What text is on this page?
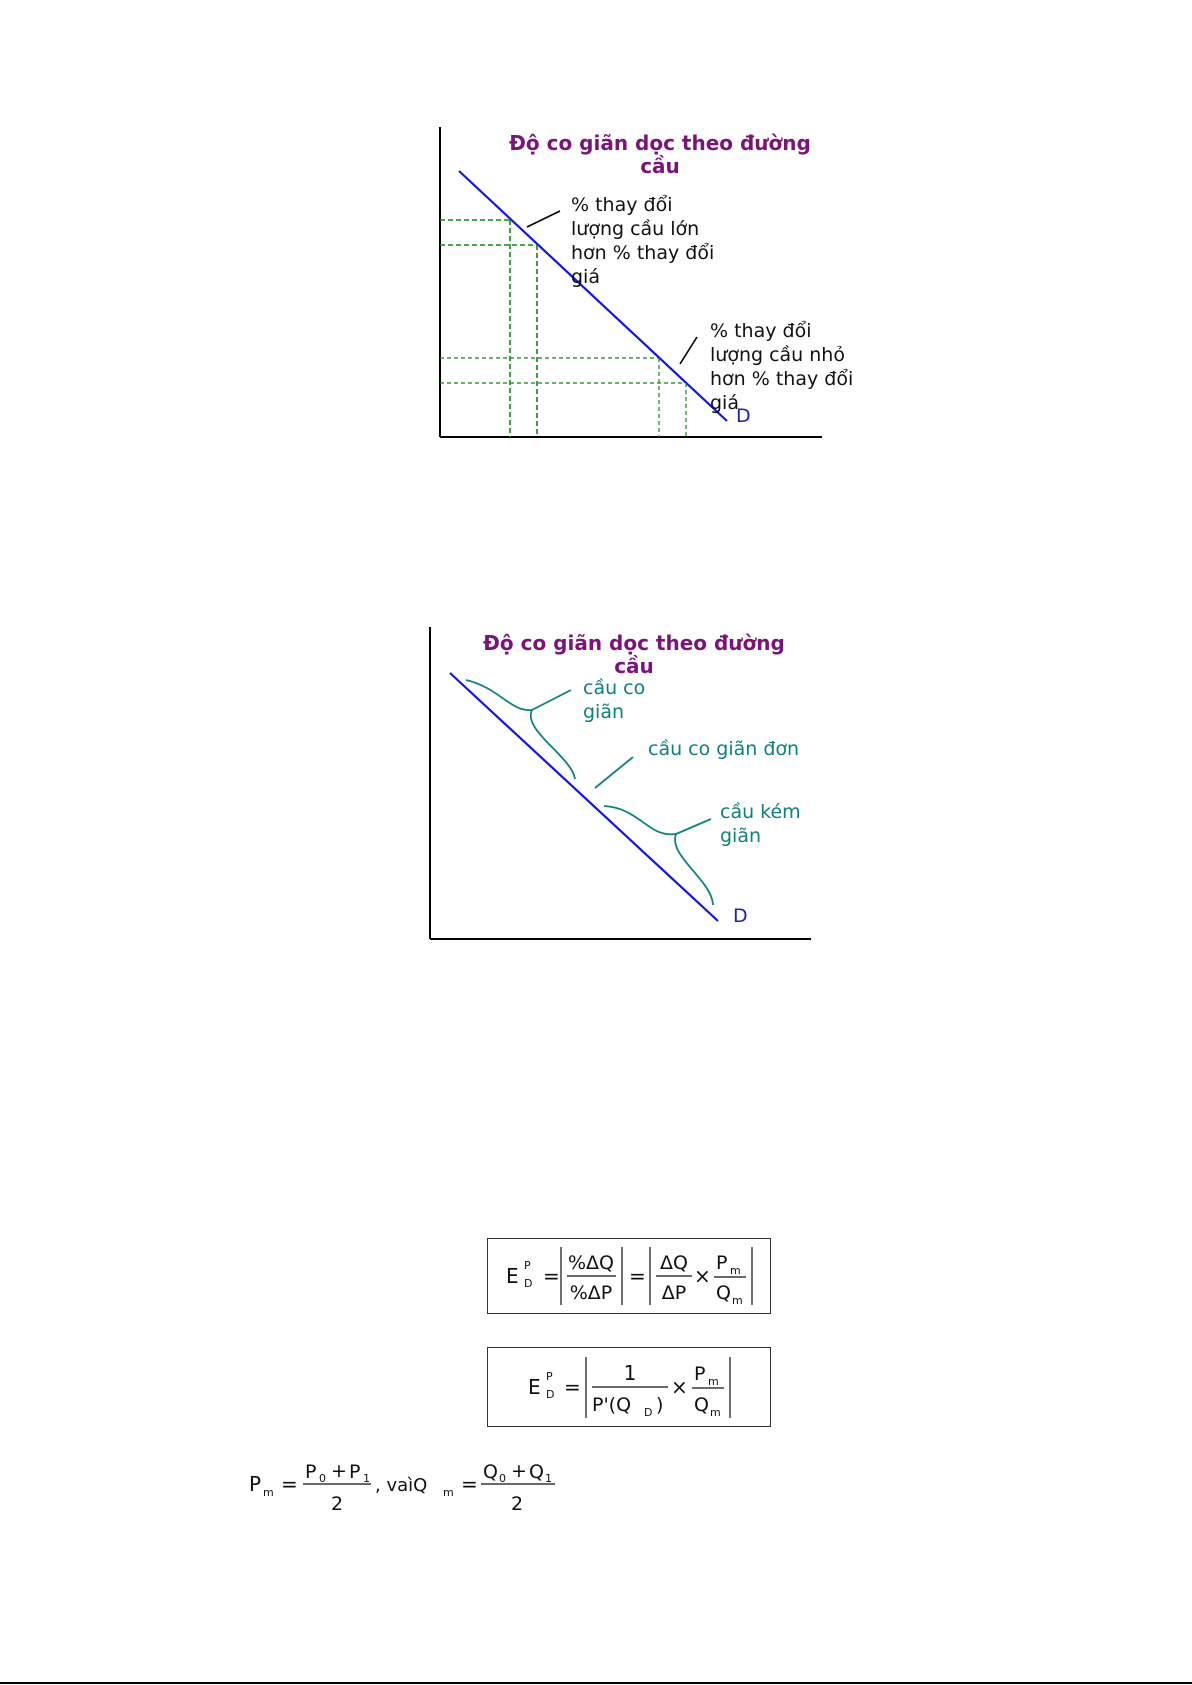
Độ co giãn dọc theo đường
cầu
% thay đổi
lượng cầu lớn
hơn % thay đổi
giá
% thay đổi
lượng cầu nhỏ
hơn % thay đổi
giá
D
Độ co giãn dọc theo đường
cầu
cầu co
giãn
cầu co giãn đơn
cầu kém
giãn
D
E P
D =
%ΔQ
%ΔP
=
ΔQ
ΔP
×
P m
Q m
E P
D =
1
P'(Q D )
×
P m
Q m
P m = P 0 + P 1
2
, vaìQ m = Q 0 + Q 1
2
